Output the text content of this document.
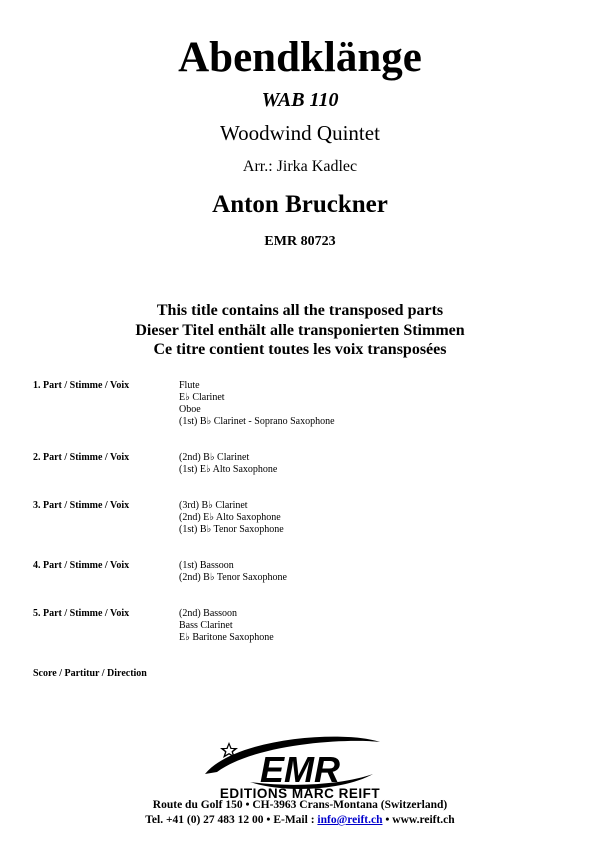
Abendklänge
WAB 110
Woodwind Quintet
Arr.: Jirka Kadlec
Anton Bruckner
EMR 80723
This title contains all the transposed parts
Dieser Titel enthält alle transponierten Stimmen
Ce titre contient toutes les voix transposées
1. Part / Stimme / Voix	Flute
E♭ Clarinet
Oboe
(1st) B♭ Clarinet - Soprano Saxophone
2. Part / Stimme / Voix	(2nd) B♭ Clarinet
(1st) E♭ Alto Saxophone
3. Part / Stimme / Voix	(3rd) B♭ Clarinet
(2nd) E♭ Alto Saxophone
(1st) B♭ Tenor Saxophone
4. Part / Stimme / Voix	(1st) Bassoon
(2nd) B♭ Tenor Saxophone
5. Part / Stimme / Voix	(2nd) Bassoon
Bass Clarinet
E♭ Baritone Saxophone
Score / Partitur / Direction
EMR
EDITIONS MARC REIFT
Route du Golf 150 • CH-3963 Crans-Montana (Switzerland)
Tel. +41 (0) 27 483 12 00 • E-Mail : info@reift.ch • www.reift.ch
